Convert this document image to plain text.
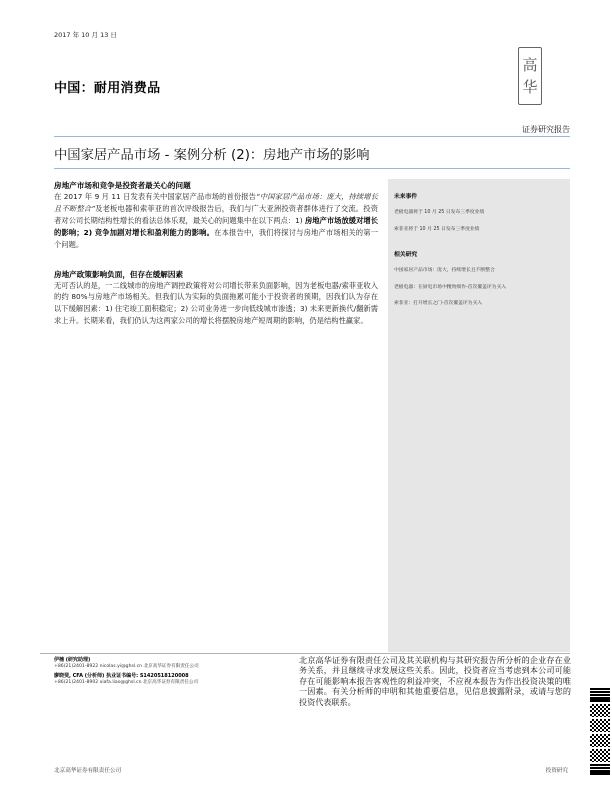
2017 年 10 月 13 日
中国：耐用消费品
高
华
证券研究报告
中国家居产品市场 - 案例分析 (2)：房地产市场的影响
房地产市场和竞争是投资者最关心的问题
在 2017 年 9 月 11 日发表有关中国家居产品市场的首份报告“中国家居产品市场：庞大，持续增长且不断整合”及老板电器和索菲亚的首次评级报告后，我们与广大亚洲投资者群体进行了交流。投资者对公司长期结构性增长的看法总体乐观，最关心的问题集中在以下两点：1) 房地产市场放缓对增长的影响；2) 竞争加剧对增长和盈利能力的影响。在本报告中，我们将探讨与房地产市场相关的第一个问题。
房地产政策影响负面，但存在缓解因素
无可否认的是，一二线城市的房地产调控政策将对公司增长带来负面影响，因为老板电器/索菲亚收入的约 80%与房地产市场相关。但我们认为实际的负面拖累可能小于投资者的预期，因我们认为存在以下缓解因素：1) 住宅竣工面积稳定；2) 公司业务进一步向低线城市渗透；3) 未来更新换代/翻新需求上升。长期来看，我们仍认为这两家公司的增长将摆脱房地产短周期的影响，仍是结构性赢家。
未来事件
老板电器将于 10 月 25 日发布三季度业绩
索菲亚将于 10 月 25 日发布三季度业绩
相关研究
中国家居产品市场：庞大，持续增长且不断整合
老板电器：在厨电市场中精致细作-首次覆盖评为买入
索菲亚：打开增长之门-首次覆盖评为买入
伊楠 (研究助理)
+86(21)2401-8922 nicolas.yi@ghsl.cn 北京高华证券有限责任公司
廖晓斐, CFA (分析师) 执业证书编号: S1420518120008
+86(21)2401-8902 xiafa.liao@ghsl.cn 北京高华证券有限责任公司
北京高华证券有限责任公司及其关联机构与其研究报告所分析的企业存在业务关系，并且继续寻求发展这些关系。因此，投资者应当考虑到本公司可能存在可能影响本报告客观性的利益冲突，不应视本报告为作出投资决策的唯一因素。有关分析师的申明和其他重要信息，见信息披露附录，或请与您的投资代表联系。
北京高华证券有限责任公司	投资研究
